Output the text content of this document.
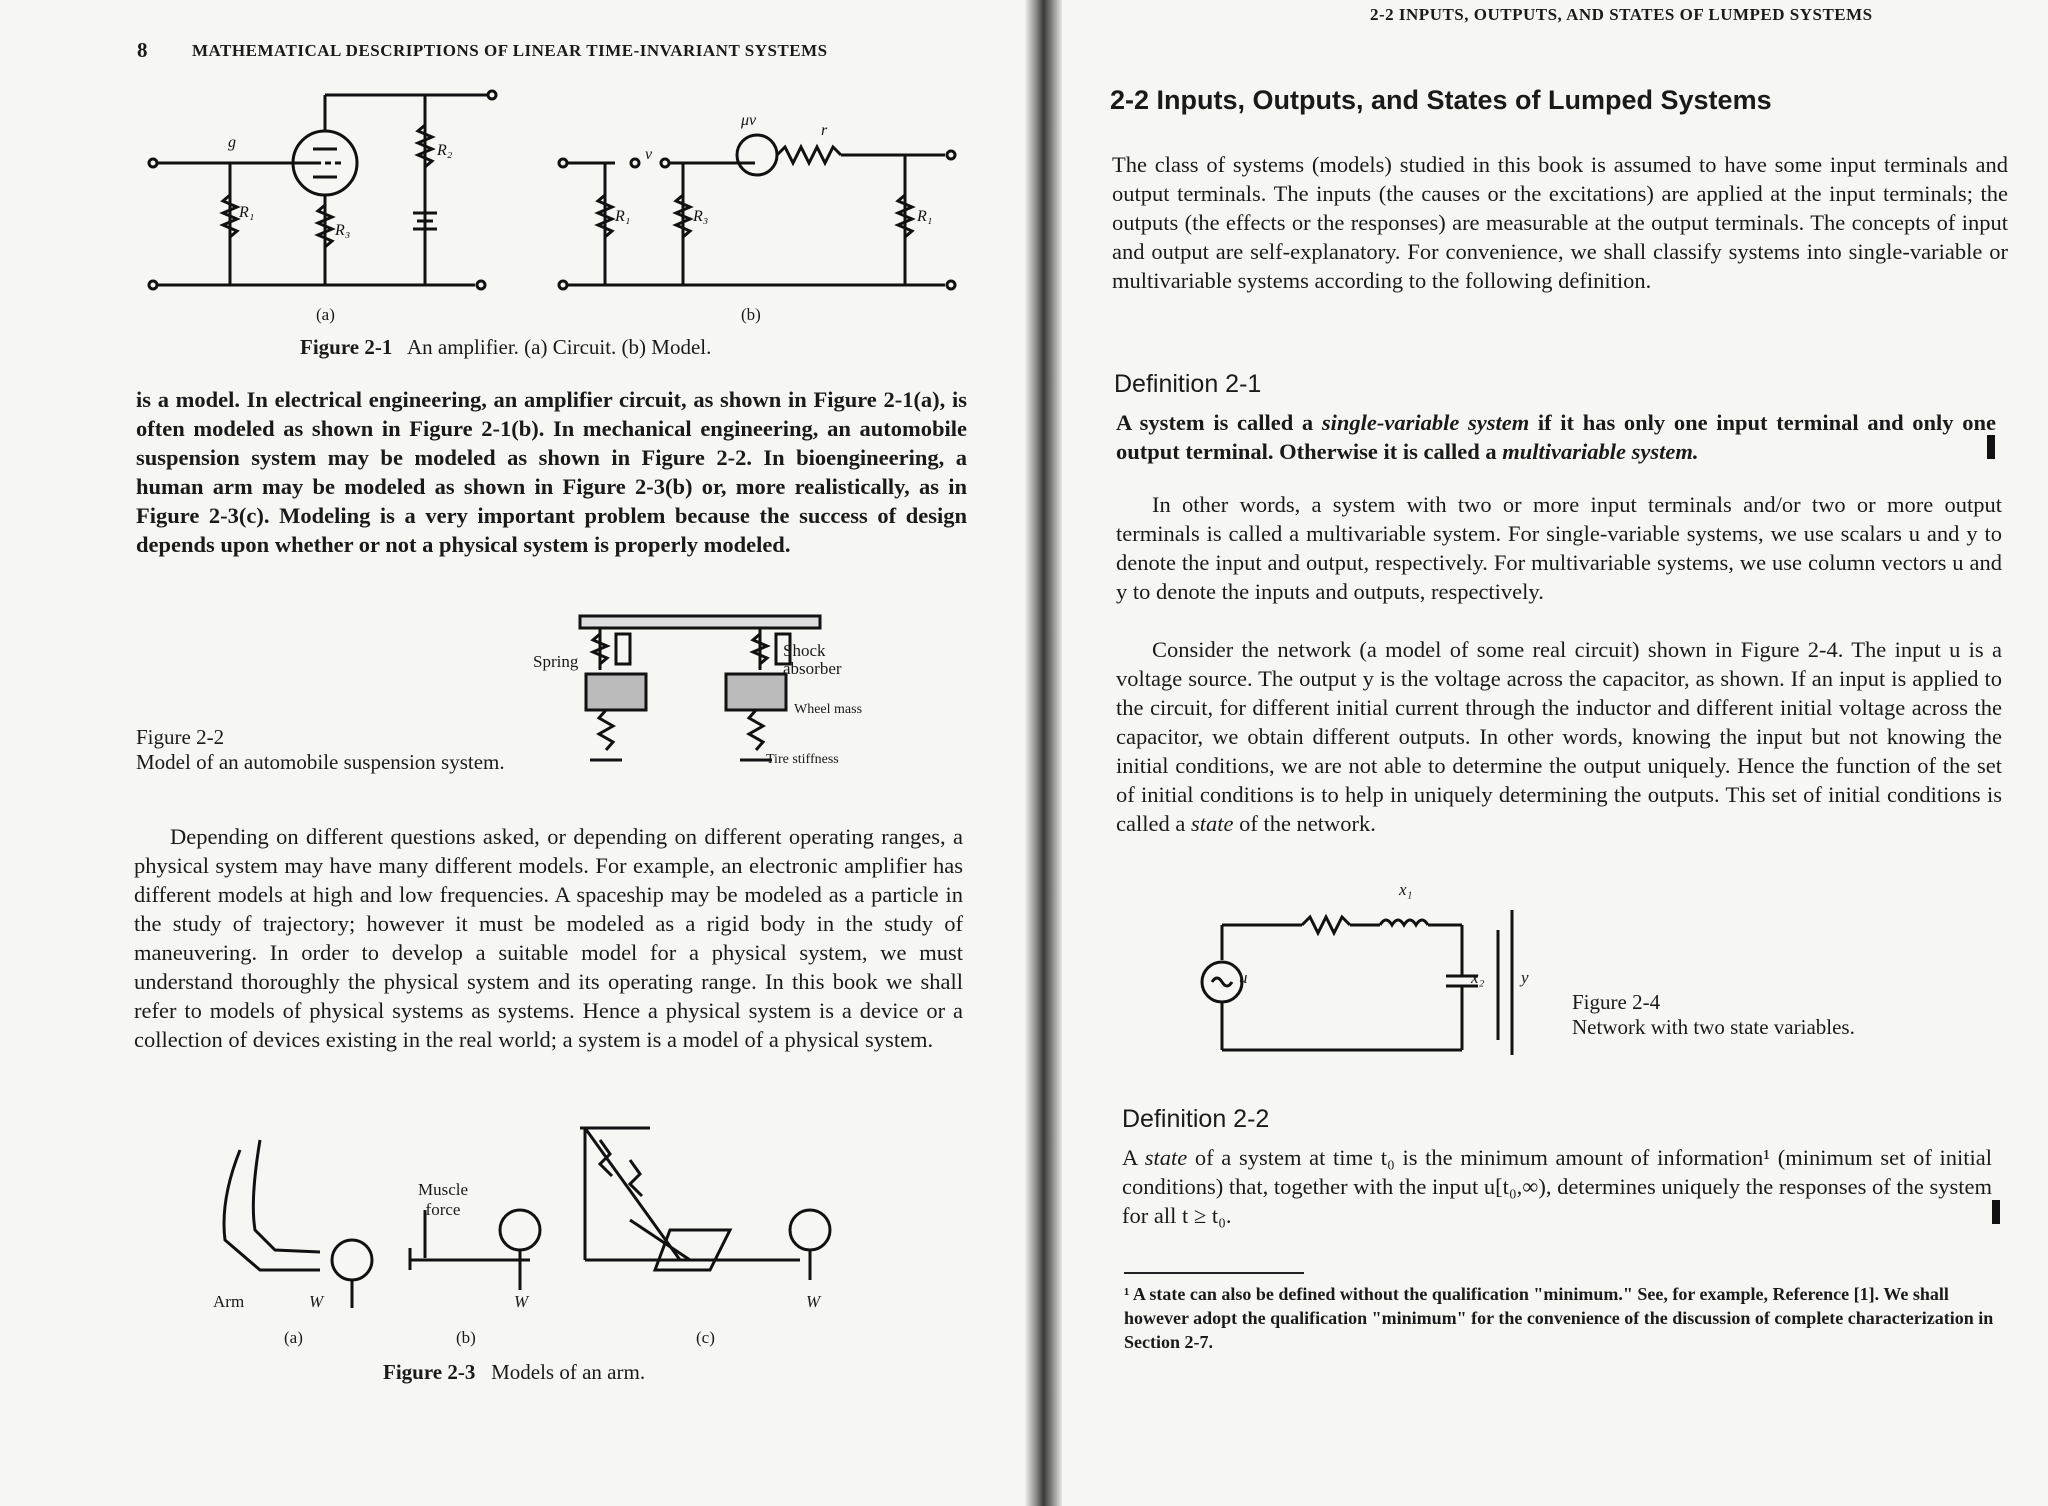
8	MATHEMATICAL DESCRIPTIONS OF LINEAR TIME-INVARIANT SYSTEMS
g
R₁
R₃
R₂
R₁	R₃
μv
r
v
R₁
(a)	(b)
Figure 2-1 An amplifier. (a) Circuit. (b) Model.

is a model. In electrical engineering, an amplifier circuit, as shown in Figure 2-1(a), is often modeled as shown in Figure 2-1(b). In mechanical engineering, an automobile suspension system may be modeled as shown in Figure 2-2. In bioengineering, a human arm may be modeled as shown in Figure 2-3(b) or, more realistically, as in Figure 2-3(c). Modeling is a very important problem because the success of design depends upon whether or not a physical system is properly modeled.

Spring
Shock absorber
Wheel mass
Tire stiffness
Figure 2-2
Model of an automobile suspension system.

Depending on different questions asked, or depending on different operating ranges, a physical system may have many different models. For example, an electronic amplifier has different models at high and low frequencies. A spaceship may be modeled as a particle in the study of trajectory; however it must be modeled as a rigid body in the study of maneuvering. In order to develop a suitable model for a physical system, we must understand thoroughly the physical system and its operating range. In this book we shall refer to models of physical systems as systems. Hence a physical system is a device or a collection of devices existing in the real world; a system is a model of a physical system.

Arm
Muscle force
W	W	W
(a)	(b)	(c)
Figure 2-3 Models of an arm.
2-2 INPUTS, OUTPUTS, AND STATES OF LUMPED SYSTEMS
2-2 Inputs, Outputs, and States of Lumped Systems

The class of systems (models) studied in this book is assumed to have some input terminals and output terminals. The inputs (the causes or the excitations) are applied at the input terminals; the outputs (the effects or the responses) are measurable at the output terminals. The concepts of input and output are self-explanatory. For convenience, we shall classify systems into single-variable or multivariable systems according to the following definition.

Definition 2-1

A system is called a single-variable system if it has only one input terminal and only one output terminal. Otherwise it is called a multivariable system.

In other words, a system with two or more input terminals and/or two or more output terminals is called a multivariable system. For single-variable systems, we use scalars u and y to denote the input and output, respectively. For multivariable systems, we use column vectors u and y to denote the inputs and outputs, respectively.

Consider the network (a model of some real circuit) shown in Figure 2-4. The input u is a voltage source. The output y is the voltage across the capacitor, as shown. If an input is applied to the circuit, for different initial current through the inductor and different initial voltage across the capacitor, we obtain different outputs. In other words, knowing the input but not knowing the initial conditions, we are not able to determine the output uniquely. Hence the function of the set of initial conditions is to help in uniquely determining the outputs. This set of initial conditions is called a state of the network.

u
x₁
x₂ y
Figure 2-4
Network with two state variables.
Definition 2-2

A state of a system at time t₀ is the minimum amount of information¹ (minimum set of initial conditions) that, together with the input u[t₀,∞), determines uniquely the responses of the system for all t ≥ t₀.

¹ A state can also be defined without the qualification "minimum." See, for example, Reference [1]. We shall however adopt the qualification "minimum" for the convenience of the discussion of complete characterization in Section 2-7.
